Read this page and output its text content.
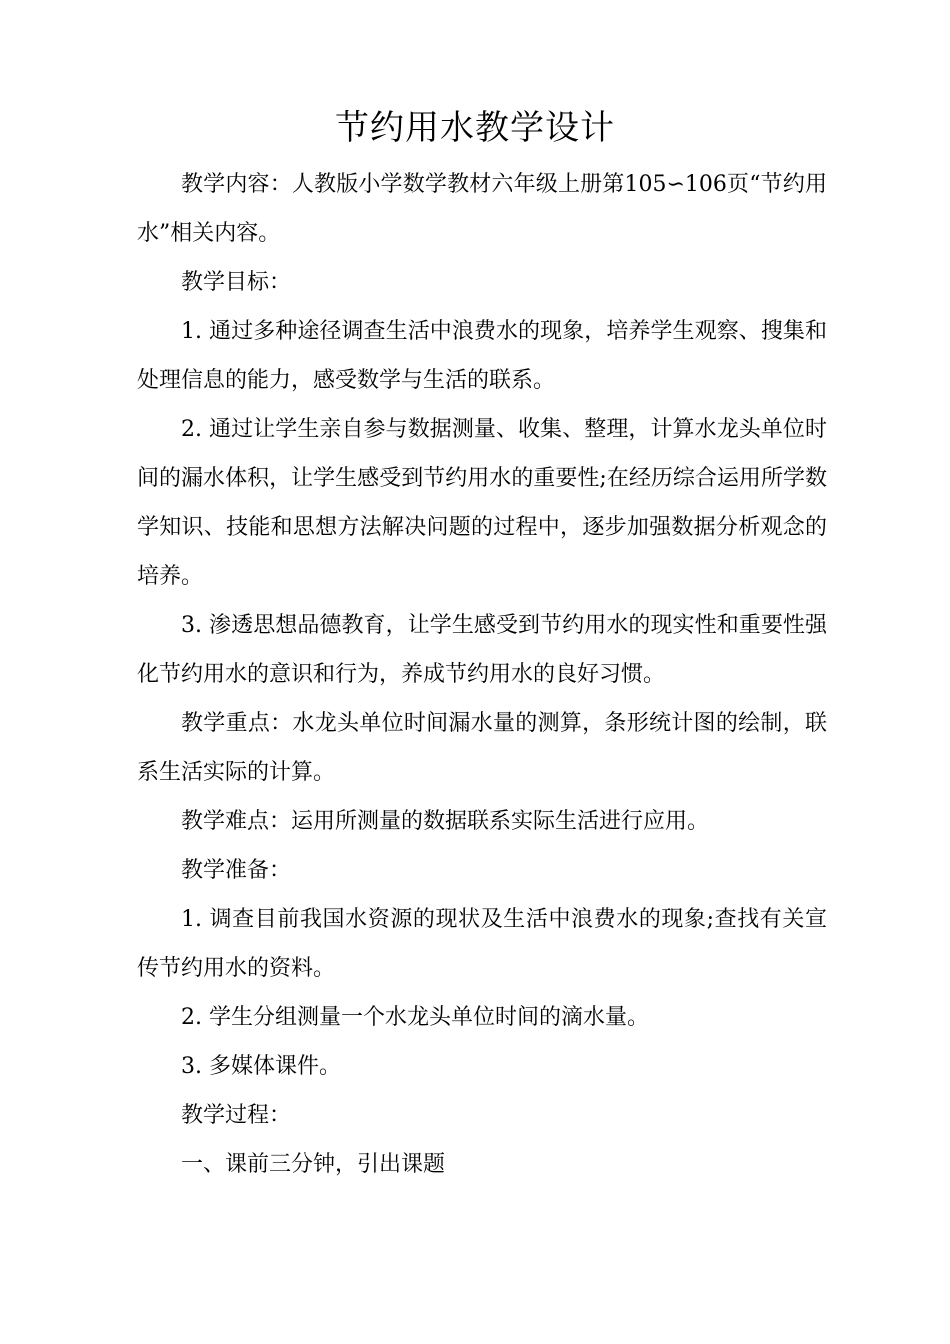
节约用水教学设计

教学内容：人教版小学数学教材六年级上册第105∽106页“节约用水”相关内容。

教学目标：

1. 通过多种途径调查生活中浪费水的现象，培养学生观察、搜集和处理信息的能力，感受数学与生活的联系。

2. 通过让学生亲自参与数据测量、收集、整理，计算水龙头单位时间的漏水体积，让学生感受到节约用水的重要性;在经历综合运用所学数学知识、技能和思想方法解决问题的过程中，逐步加强数据分析观念的培养。

3. 渗透思想品德教育，让学生感受到节约用水的现实性和重要性强化节约用水的意识和行为，养成节约用水的良好习惯。

教学重点：水龙头单位时间漏水量的测算，条形统计图的绘制，联系生活实际的计算。

教学难点：运用所测量的数据联系实际生活进行应用。

教学准备：

1. 调查目前我国水资源的现状及生活中浪费水的现象;查找有关宣传节约用水的资料。

2. 学生分组测量一个水龙头单位时间的滴水量。

3. 多媒体课件。

教学过程：

一、课前三分钟，引出课题
